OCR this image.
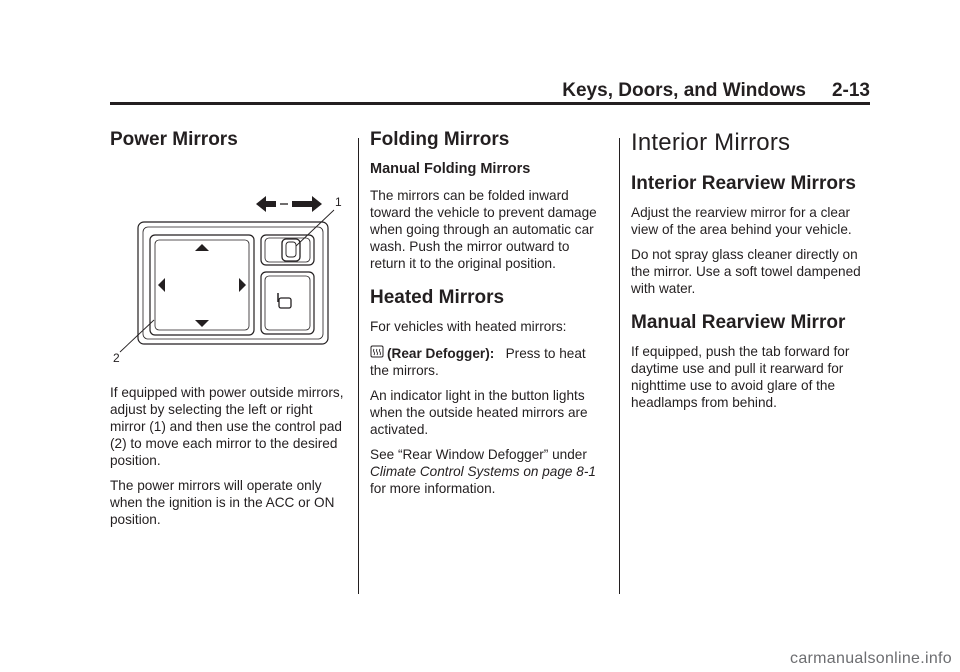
Keys, Doors, and Windows 2-13
Power Mirrors
1
2

If equipped with power outside mirrors, adjust by selecting the left or right mirror (1) and then use the control pad (2) to move each mirror to the desired position.

The power mirrors will operate only when the ignition is in the ACC or ON position.

Folding Mirrors
Manual Folding Mirrors

The mirrors can be folded inward toward the vehicle to prevent damage when going through an automatic car wash. Push the mirror outward to return it to the original position.

Heated Mirrors

For vehicles with heated mirrors:

(Rear Defogger): Press to heat the mirrors.

An indicator light in the button lights when the outside heated mirrors are activated.

See “Rear Window Defogger” under Climate Control Systems on page 8-1 for more information.

Interior Mirrors
Interior Rearview Mirrors

Adjust the rearview mirror for a clear view of the area behind your vehicle.

Do not spray glass cleaner directly on the mirror. Use a soft towel dampened with water.

Manual Rearview Mirror

If equipped, push the tab forward for daytime use and pull it rearward for nighttime use to avoid glare of the headlamps from behind.

carmanualsonline.info
